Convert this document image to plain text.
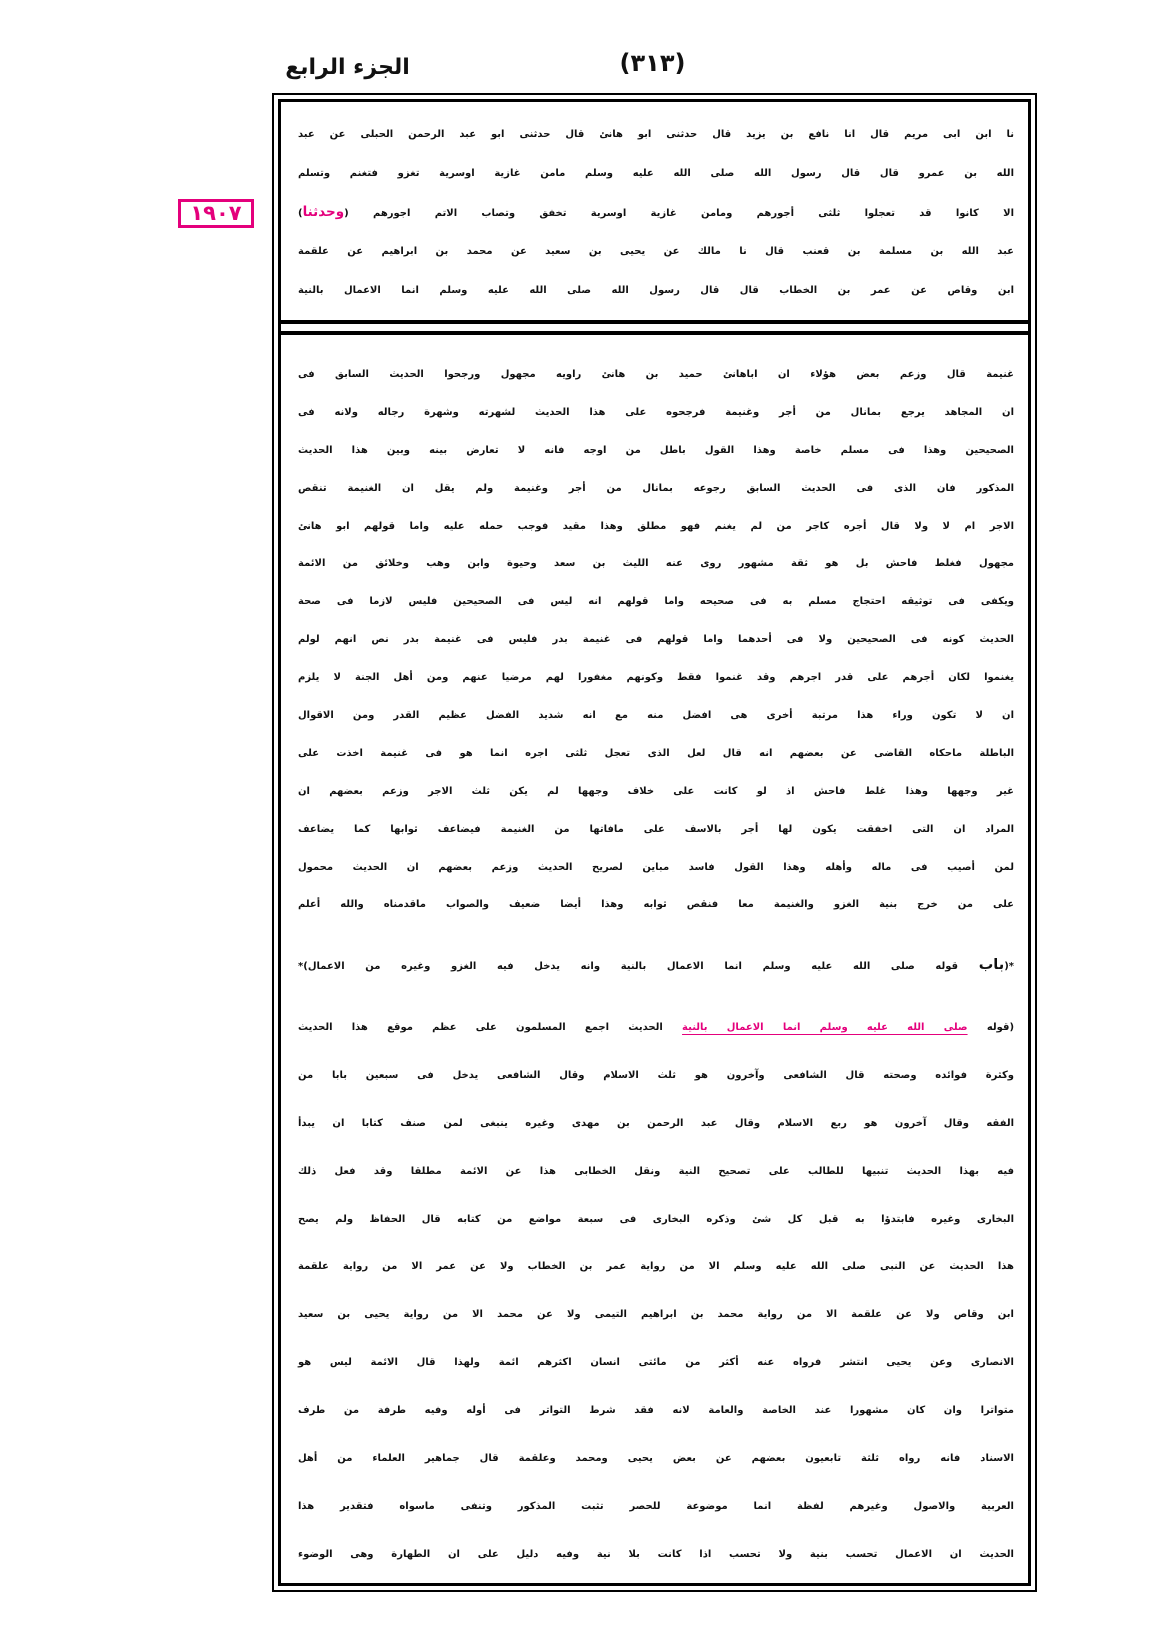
الجزء الرابع	(٣١٣)
١٩٠٧
نا ابن ابى مريم قال انا نافع بن يزيد قال حدثنى ابو هانئ قال حدثنى ابو عبد الرحمن الحبلى عن عبد
الله بن عمرو قال قال رسول الله صلى الله عليه وسلم مامن غازية اوسرية تغزو فتغنم وتسلم
الا كانوا قد تعجلوا ثلثى أجورهم ومامن غازية اوسرية تخفق وتصاب الاتم اجورهم (وحدثنا)
عبد الله بن مسلمة بن قعنب قال نا مالك عن يحيى بن سعيد عن محمد بن ابراهيم عن علقمة
ابن وقاص عن عمر بن الخطاب قال قال رسول الله صلى الله عليه وسلم انما الاعمال بالنية
غنيمة قال وزعم بعض هؤلاء ان اباهانئ حميد بن هانئ راويه مجهول ورجحوا الحديث السابق فى
ان المجاهد يرجع بمانال من أجر وغنيمة فرجحوه على هذا الحديث لشهرته وشهرة رجاله ولانه فى
الصحيحين وهذا فى مسلم خاصة وهذا القول باطل من اوجه فانه لا تعارض بينه وبين هذا الحديث
المذكور فان الذى فى الحديث السابق رجوعه بمانال من أجر وغنيمة ولم يقل ان الغنيمة تنقص
الاجر ام لا ولا قال أجره كاجر من لم يغنم فهو مطلق وهذا مقيد فوجب حمله عليه واما قولهم ابو هانئ
مجهول فغلط فاحش بل هو ثقة مشهور روى عنه الليث بن سعد وحيوة وابن وهب وخلائق من الائمة
ويكفى فى توثيقه احتجاج مسلم به فى صحيحه واما قولهم انه ليس فى الصحيحين فليس لازما فى صحة
الحديث كونه فى الصحيحين ولا فى أحدهما واما قولهم فى غنيمة بدر فليس فى غنيمة بدر نص انهم لولم
يغنموا لكان أجرهم على قدر اجرهم وقد غنموا فقط وكونهم مغفورا لهم مرضيا عنهم ومن أهل الجنة لا يلزم
ان لا تكون وراء هذا مرتبة أخرى هى افضل منه مع انه شديد الفضل عظيم القدر ومن الاقوال
الباطلة ماحكاه القاضى عن بعضهم انه قال لعل الذى تعجل ثلثى اجره انما هو فى غنيمة اخذت على
غير وجهها وهذا غلط فاحش اذ لو كانت على خلاف وجهها لم يكن ثلث الاجر وزعم بعضهم ان
المراد ان التى اخفقت يكون لها أجر بالاسف على مافاتها من الغنيمة فيضاعف ثوابها كما يضاعف
لمن أصيب فى ماله وأهله وهذا القول فاسد مباين لصريح الحديث وزعم بعضهم ان الحديث محمول
على من خرج بنية الغزو والغنيمة معا فنقص ثوابه وهذا أيضا ضعيف والصواب ماقدمناه والله أعلم
*(باب قوله صلى الله عليه وسلم انما الاعمال بالنية وانه يدخل فيه الغزو وغيره من الاعمال)*
(قوله صلى الله عليه وسلم انما الاعمال بالنية الحديث اجمع المسلمون على عظم موقع هذا الحديث
وكثرة فوائده وصحته قال الشافعى وآخرون هو ثلث الاسلام وقال الشافعى يدخل فى سبعين بابا من
الفقه وقال آخرون هو ربع الاسلام وقال عبد الرحمن بن مهدى وغيره ينبغى لمن صنف كتابا ان يبدأ
فيه بهذا الحديث تنبيها للطالب على تصحيح النية ونقل الخطابى هذا عن الائمة مطلقا وقد فعل ذلك
البخارى وغيره فابتدؤا به قبل كل شئ وذكره البخارى فى سبعة مواضع من كتابه قال الحفاظ ولم يصح
هذا الحديث عن النبى صلى الله عليه وسلم الا من رواية عمر بن الخطاب ولا عن عمر الا من رواية علقمة
ابن وقاص ولا عن علقمة الا من رواية محمد بن ابراهيم التيمى ولا عن محمد الا من رواية يحيى بن سعيد
الانصارى وعن يحيى انتشر فرواه عنه أكثر من مائتى انسان اكثرهم ائمة ولهذا قال الائمة ليس هو
متواترا وان كان مشهورا عند الخاصة والعامة لانه فقد شرط التواتر فى أوله وفيه طرفة من طرف
الاسناد فانه رواه ثلثة تابعيون بعضهم عن بعض يحيى ومحمد وعلقمة قال جماهير العلماء من أهل
العربية والاصول وغيرهم لفظة انما موضوعة للحصر تثبت المذكور وتنفى ماسواه فتقدير هذا
الحديث ان الاعمال تحسب بنية ولا تحسب اذا كانت بلا نية وفيه دليل على ان الطهارة وهى الوضوء
